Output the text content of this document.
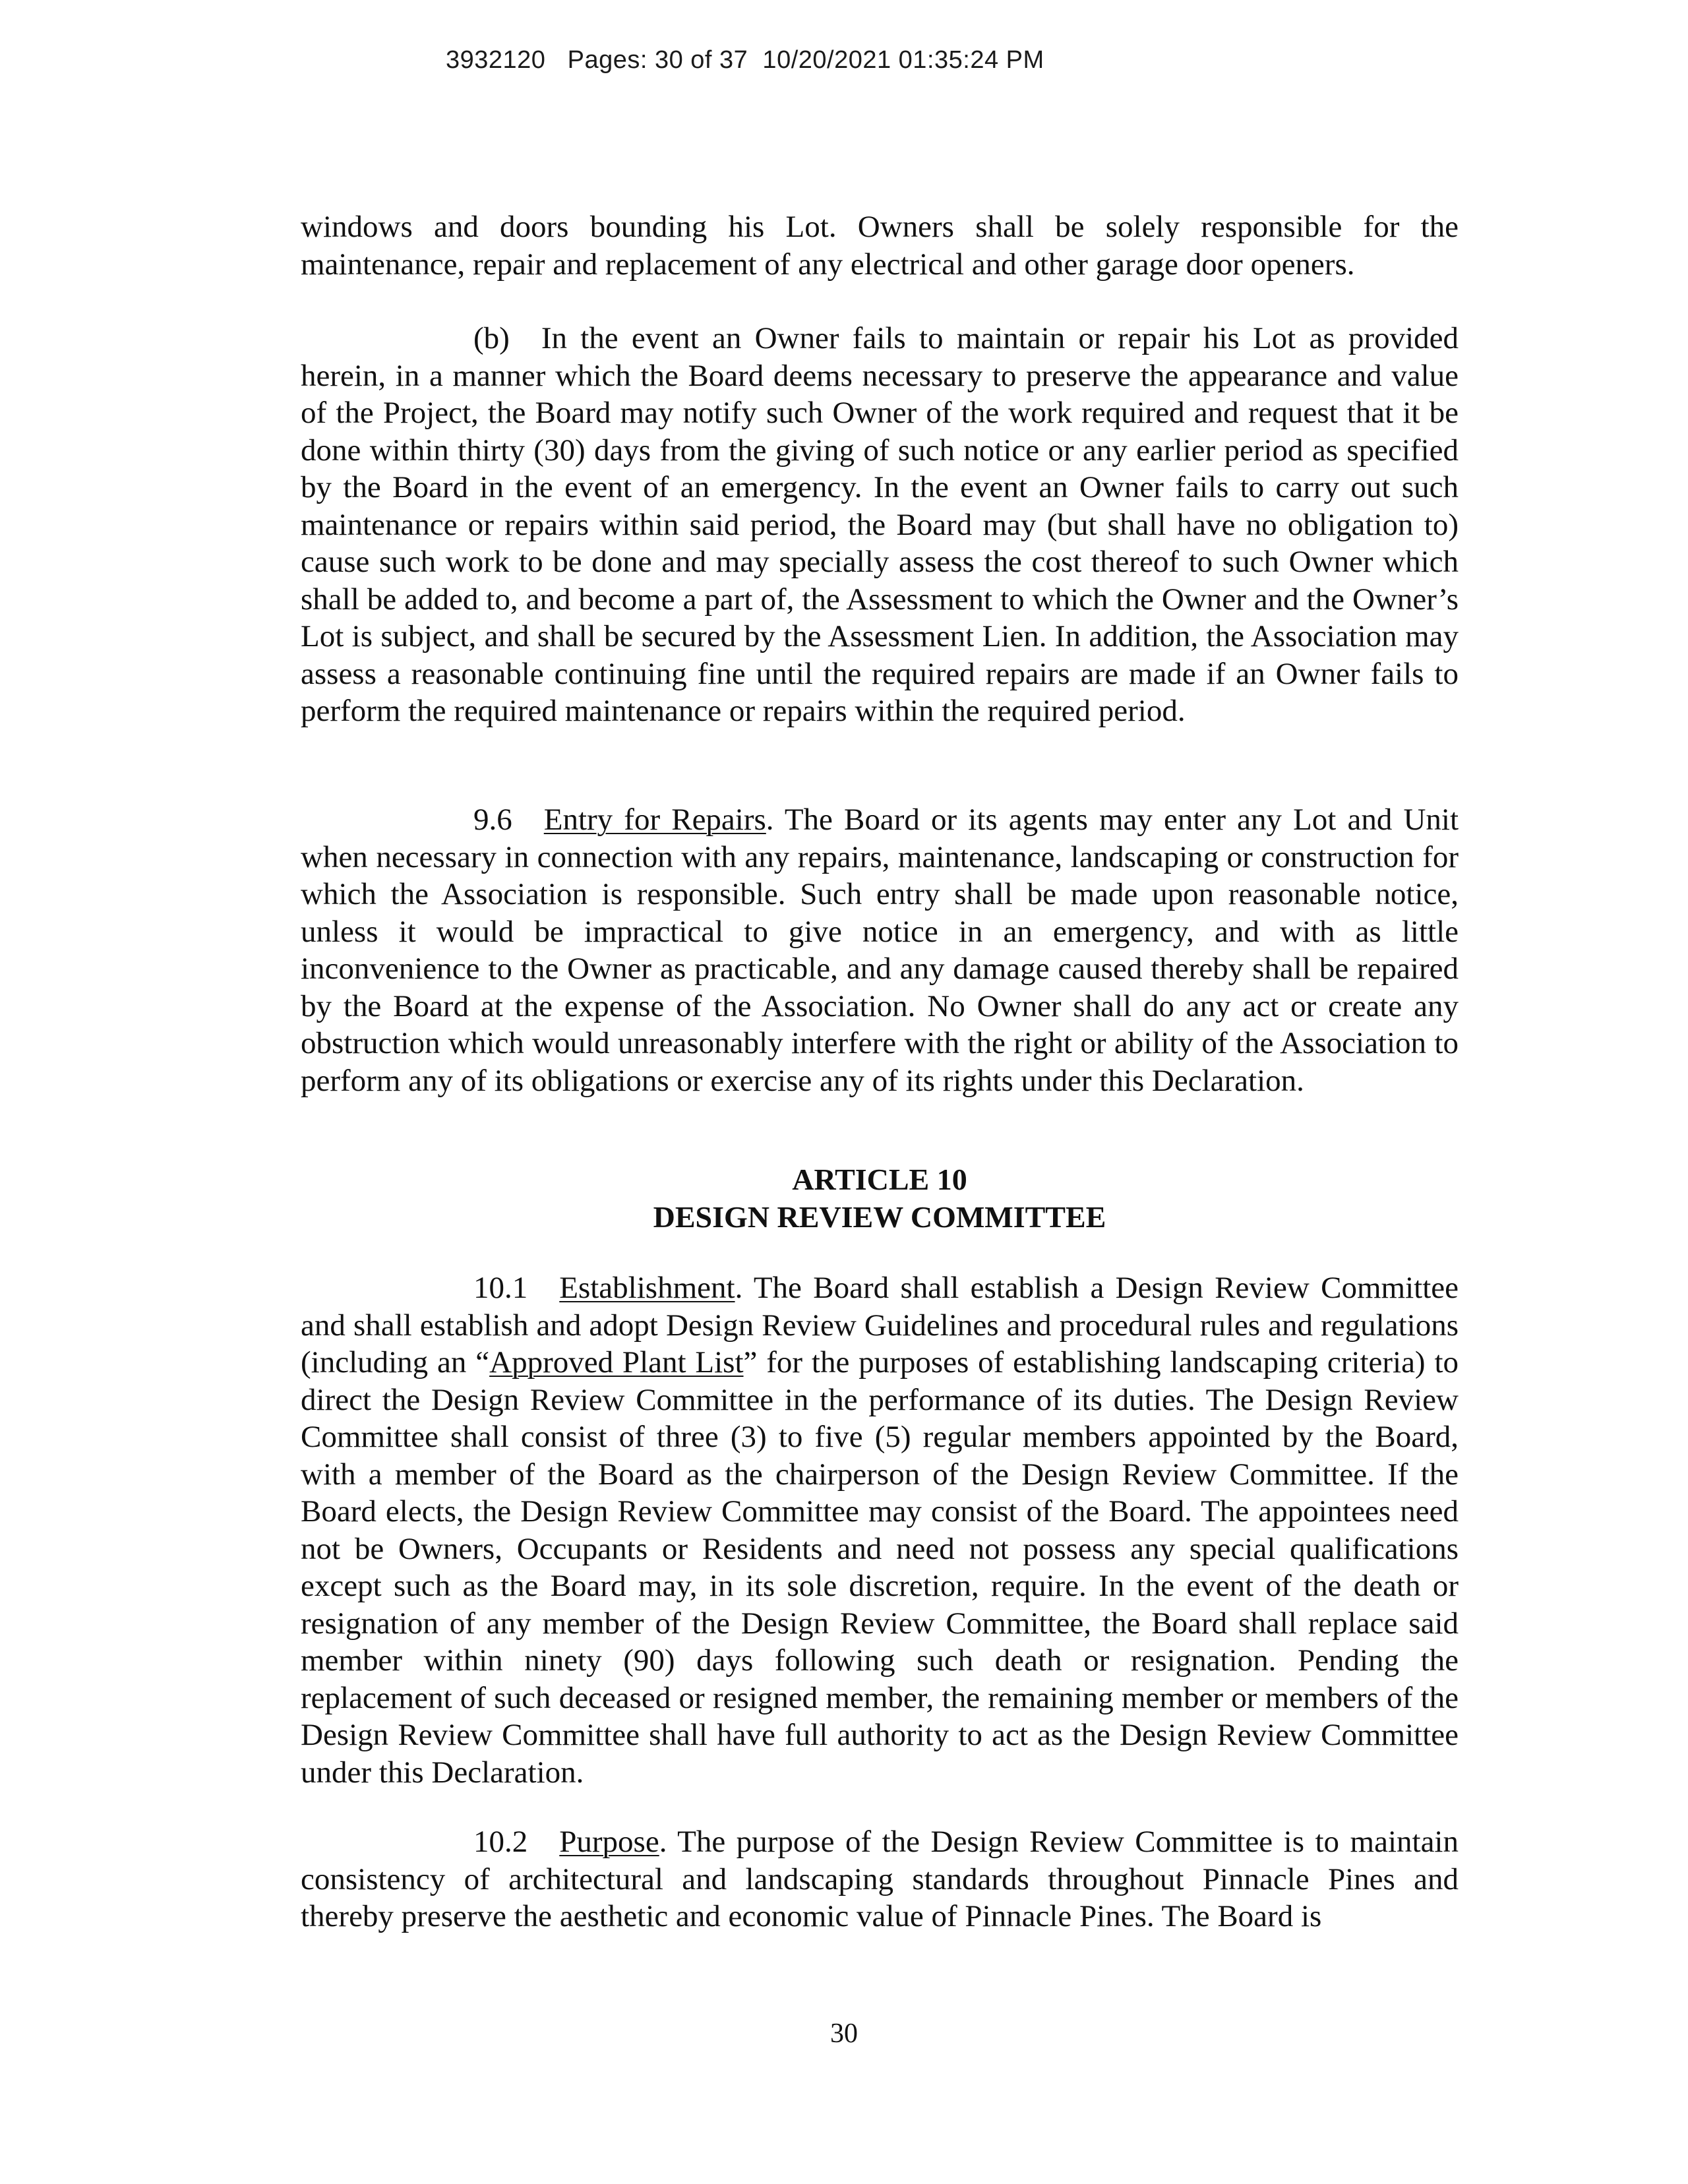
3932120   Pages: 30 of 37  10/20/2021 01:35:24 PM

windows and doors bounding his Lot. Owners shall be solely responsible for the maintenance, repair and replacement of any electrical and other garage door openers.

(b) In the event an Owner fails to maintain or repair his Lot as provided herein, in a manner which the Board deems necessary to preserve the appearance and value of the Project, the Board may notify such Owner of the work required and request that it be done within thirty (30) days from the giving of such notice or any earlier period as specified by the Board in the event of an emergency. In the event an Owner fails to carry out such maintenance or repairs within said period, the Board may (but shall have no obligation to) cause such work to be done and may specially assess the cost thereof to such Owner which shall be added to, and become a part of, the Assessment to which the Owner and the Owner’s Lot is subject, and shall be secured by the Assessment Lien. In addition, the Association may assess a reasonable continuing fine until the required repairs are made if an Owner fails to perform the required maintenance or repairs within the required period.

9.6 Entry for Repairs. The Board or its agents may enter any Lot and Unit when necessary in connection with any repairs, maintenance, landscaping or construction for which the Association is responsible. Such entry shall be made upon reasonable notice, unless it would be impractical to give notice in an emergency, and with as little inconvenience to the Owner as practicable, and any damage caused thereby shall be repaired by the Board at the expense of the Association. No Owner shall do any act or create any obstruction which would unreasonably interfere with the right or ability of the Association to perform any of its obligations or exercise any of its rights under this Declaration.

ARTICLE 10
DESIGN REVIEW COMMITTEE

10.1 Establishment. The Board shall establish a Design Review Committee and shall establish and adopt Design Review Guidelines and procedural rules and regulations (including an “Approved Plant List” for the purposes of establishing landscaping criteria) to direct the Design Review Committee in the performance of its duties. The Design Review Committee shall consist of three (3) to five (5) regular members appointed by the Board, with a member of the Board as the chairperson of the Design Review Committee. If the Board elects, the Design Review Committee may consist of the Board. The appointees need not be Owners, Occupants or Residents and need not possess any special qualifications except such as the Board may, in its sole discretion, require. In the event of the death or resignation of any member of the Design Review Committee, the Board shall replace said member within ninety (90) days following such death or resignation. Pending the replacement of such deceased or resigned member, the remaining member or members of the Design Review Committee shall have full authority to act as the Design Review Committee under this Declaration.

10.2 Purpose. The purpose of the Design Review Committee is to maintain consistency of architectural and landscaping standards throughout Pinnacle Pines and thereby preserve the aesthetic and economic value of Pinnacle Pines. The Board is

30
